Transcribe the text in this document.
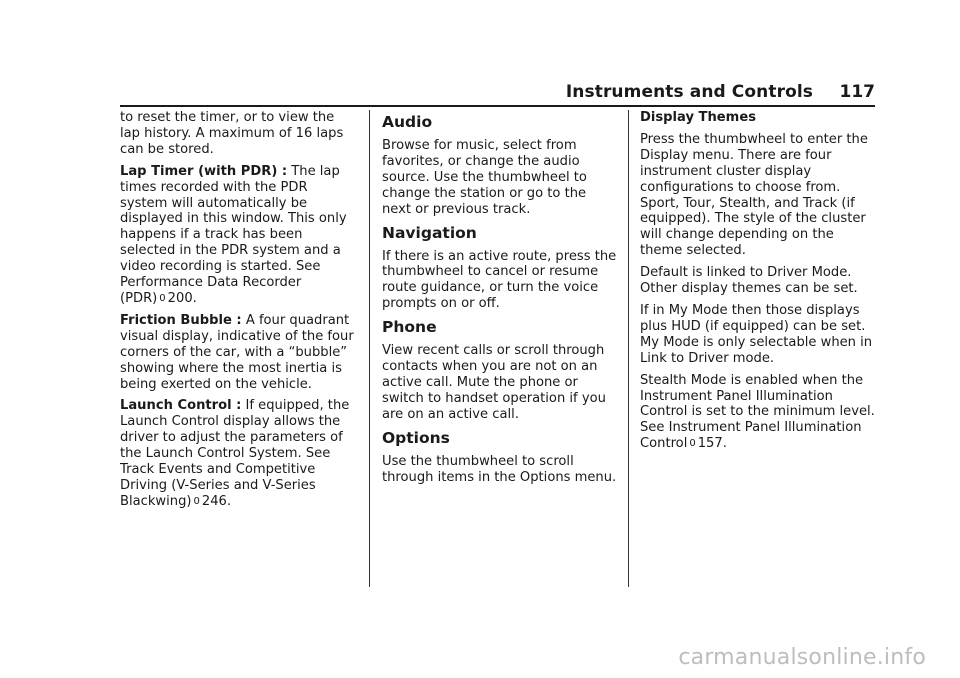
Instruments and Controls 117

to reset the timer, or to view the lap history. A maximum of 16 laps can be stored.

Lap Timer (with PDR) : The lap times recorded with the PDR system will automatically be displayed in this window. This only happens if a track has been selected in the PDR system and a video recording is started. See Performance Data Recorder (PDR) 0 200.

Friction Bubble : A four quadrant visual display, indicative of the four corners of the car, with a “bubble” showing where the most inertia is being exerted on the vehicle.

Launch Control : If equipped, the Launch Control display allows the driver to adjust the parameters of the Launch Control System. See Track Events and Competitive Driving (V-Series and V-Series Blackwing) 0 246.

Audio

Browse for music, select from favorites, or change the audio source. Use the thumbwheel to change the station or go to the next or previous track.

Navigation

If there is an active route, press the thumbwheel to cancel or resume route guidance, or turn the voice prompts on or off.

Phone

View recent calls or scroll through contacts when you are not on an active call. Mute the phone or switch to handset operation if you are on an active call.

Options

Use the thumbwheel to scroll through items in the Options menu.

Display Themes

Press the thumbwheel to enter the Display menu. There are four instrument cluster display configurations to choose from. Sport, Tour, Stealth, and Track (if equipped). The style of the cluster will change depending on the theme selected.

Default is linked to Driver Mode. Other display themes can be set.

If in My Mode then those displays plus HUD (if equipped) can be set. My Mode is only selectable when in Link to Driver mode.

Stealth Mode is enabled when the Instrument Panel Illumination Control is set to the minimum level. See Instrument Panel Illumination Control 0 157.

carmanualsonline.info
